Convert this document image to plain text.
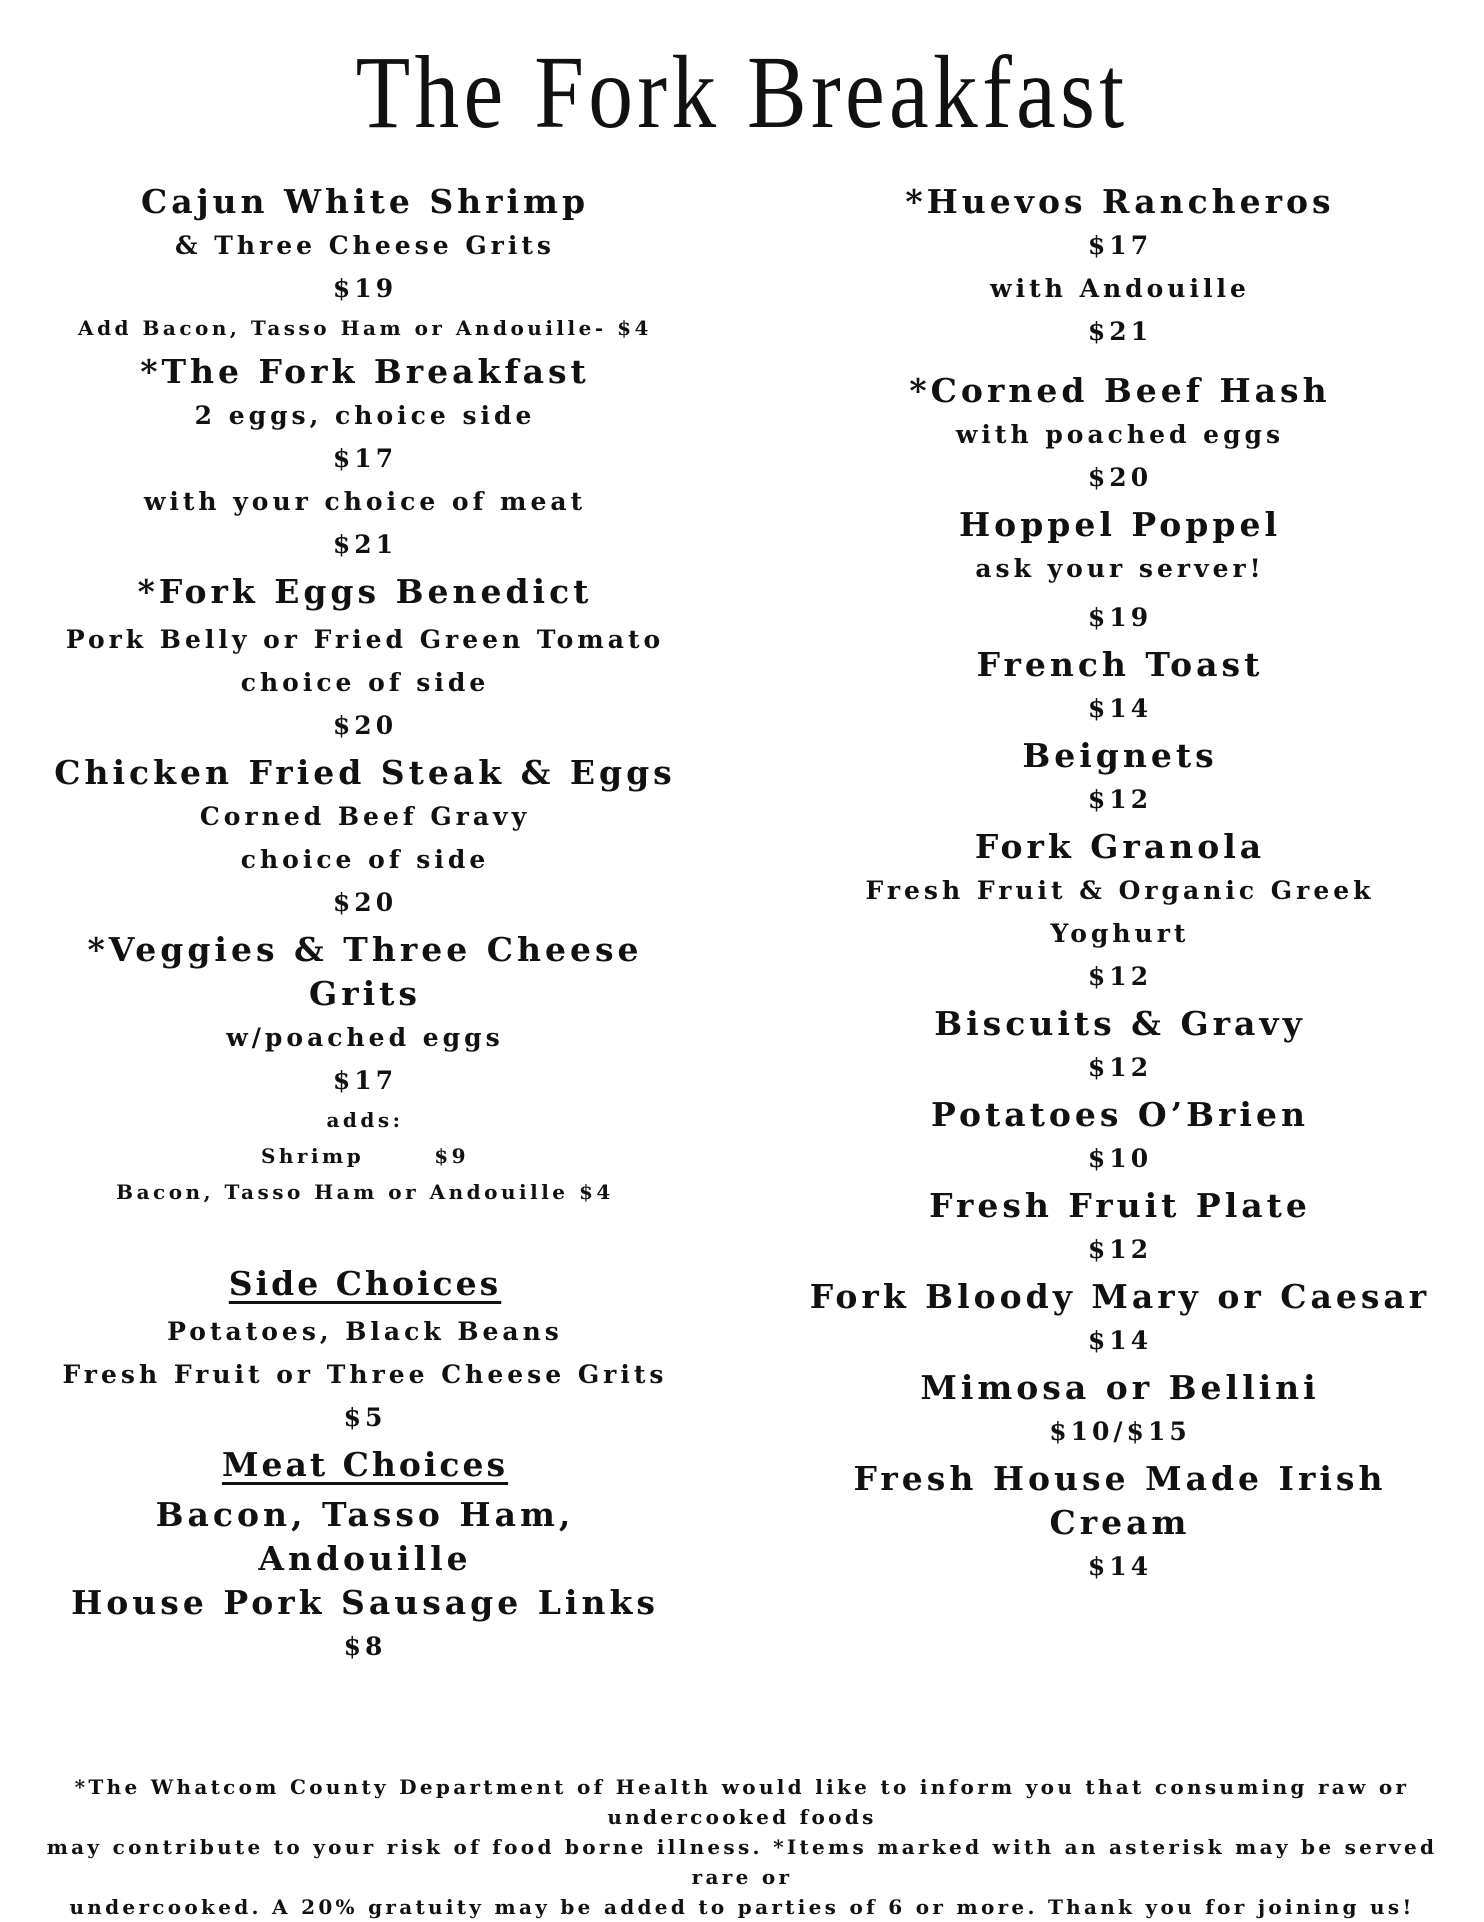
The Fork Breakfast
Cajun White Shrimp
& Three Cheese Grits
$19
Add Bacon, Tasso Ham or Andouille- $4
*The Fork Breakfast
2 eggs, choice side
$17
with your choice of meat
$21
*Fork Eggs Benedict
Pork Belly or Fried Green Tomato
choice of side
$20
Chicken Fried Steak & Eggs
Corned Beef Gravy
choice of side
$20
*Veggies & Three Cheese Grits
w/poached eggs
$17
adds:
Shrimp	$9
Bacon, Tasso Ham or Andouille $4
Side Choices
Potatoes, Black Beans
Fresh Fruit or Three Cheese Grits
$5
Meat Choices
Bacon, Tasso Ham, Andouille
House Pork Sausage Links
$8
*Huevos Rancheros
$17
with Andouille
$21
*Corned Beef Hash
with poached eggs
$20
Hoppel Poppel
ask your server!
$19
French Toast
$14
Beignets
$12
Fork Granola
Fresh Fruit & Organic Greek Yoghurt
$12
Biscuits & Gravy
$12
Potatoes O’Brien
$10
Fresh Fruit Plate
$12
Fork Bloody Mary or Caesar
$14
Mimosa or Bellini
$10/$15
Fresh House Made Irish Cream
$14
*The Whatcom County Department of Health would like to inform you that consuming raw or undercooked foods
may contribute to your risk of food borne illness. *Items marked with an asterisk may be served rare or
undercooked. A 20% gratuity may be added to parties of 6 or more. Thank you for joining us!
